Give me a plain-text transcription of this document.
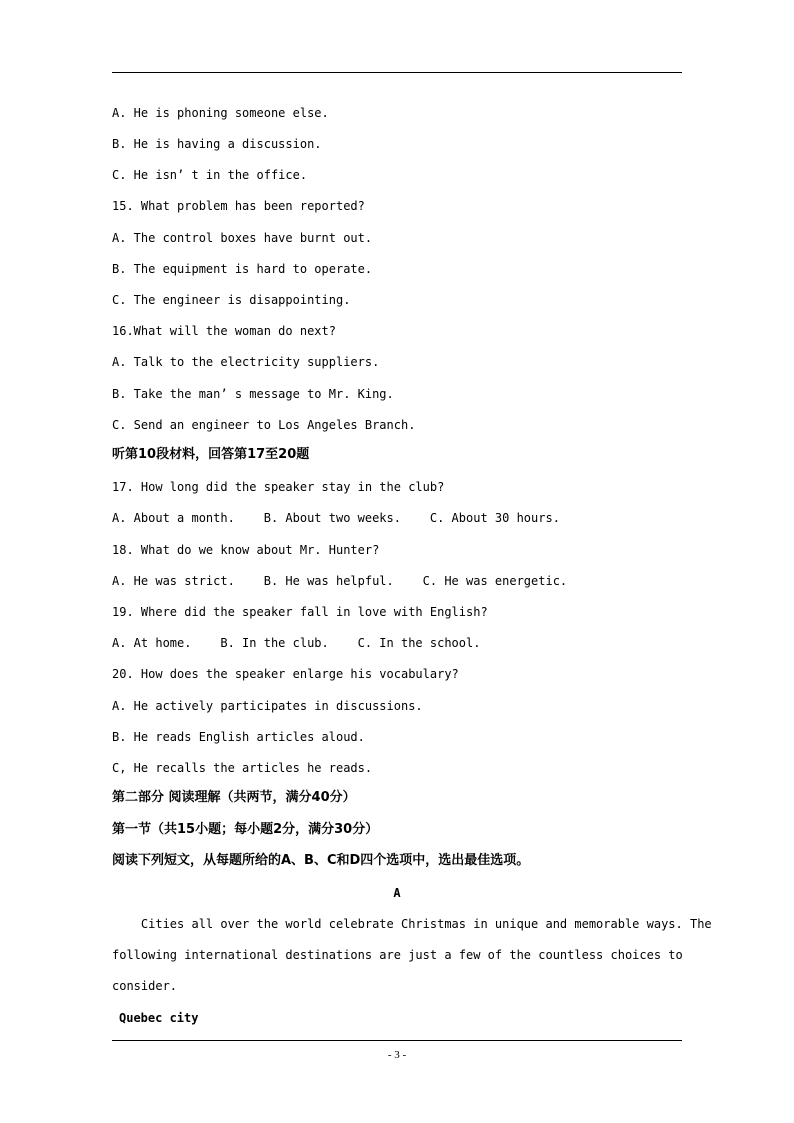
A. He is phoning someone else.
B. He is having a discussion.
C. He isn’ t in the office.
15. What problem has been reported?
A. The control boxes have burnt out.
B. The equipment is hard to operate.
C. The engineer is disappointing.
16.What will the woman do next?
A. Talk to the electricity suppliers.
B. Take the man’ s message to Mr. King.
C. Send an engineer to Los Angeles Branch.
听第10段材料，回答第17至20题
17. How long did the speaker stay in the club?
A. About a month.    B. About two weeks.    C. About 30 hours.
18. What do we know about Mr. Hunter?
A. He was strict.    B. He was helpful.    C. He was energetic.
19. Where did the speaker fall in love with English?
A. At home.    B. In the club.    C. In the school.
20. How does the speaker enlarge his vocabulary?
A. He actively participates in discussions.
B. He reads English articles aloud.
C, He recalls the articles he reads.
第二部分 阅读理解（共两节，满分40分）
第一节（共15小题；每小题2分，满分30分）
阅读下列短文，从每题所给的A、B、C和D四个选项中，选出最佳选项。
A
Cities all over the world celebrate Christmas in unique and memorable ways. The
following international destinations are just a few of the countless choices to
consider.
Quebec city
- 3 -
